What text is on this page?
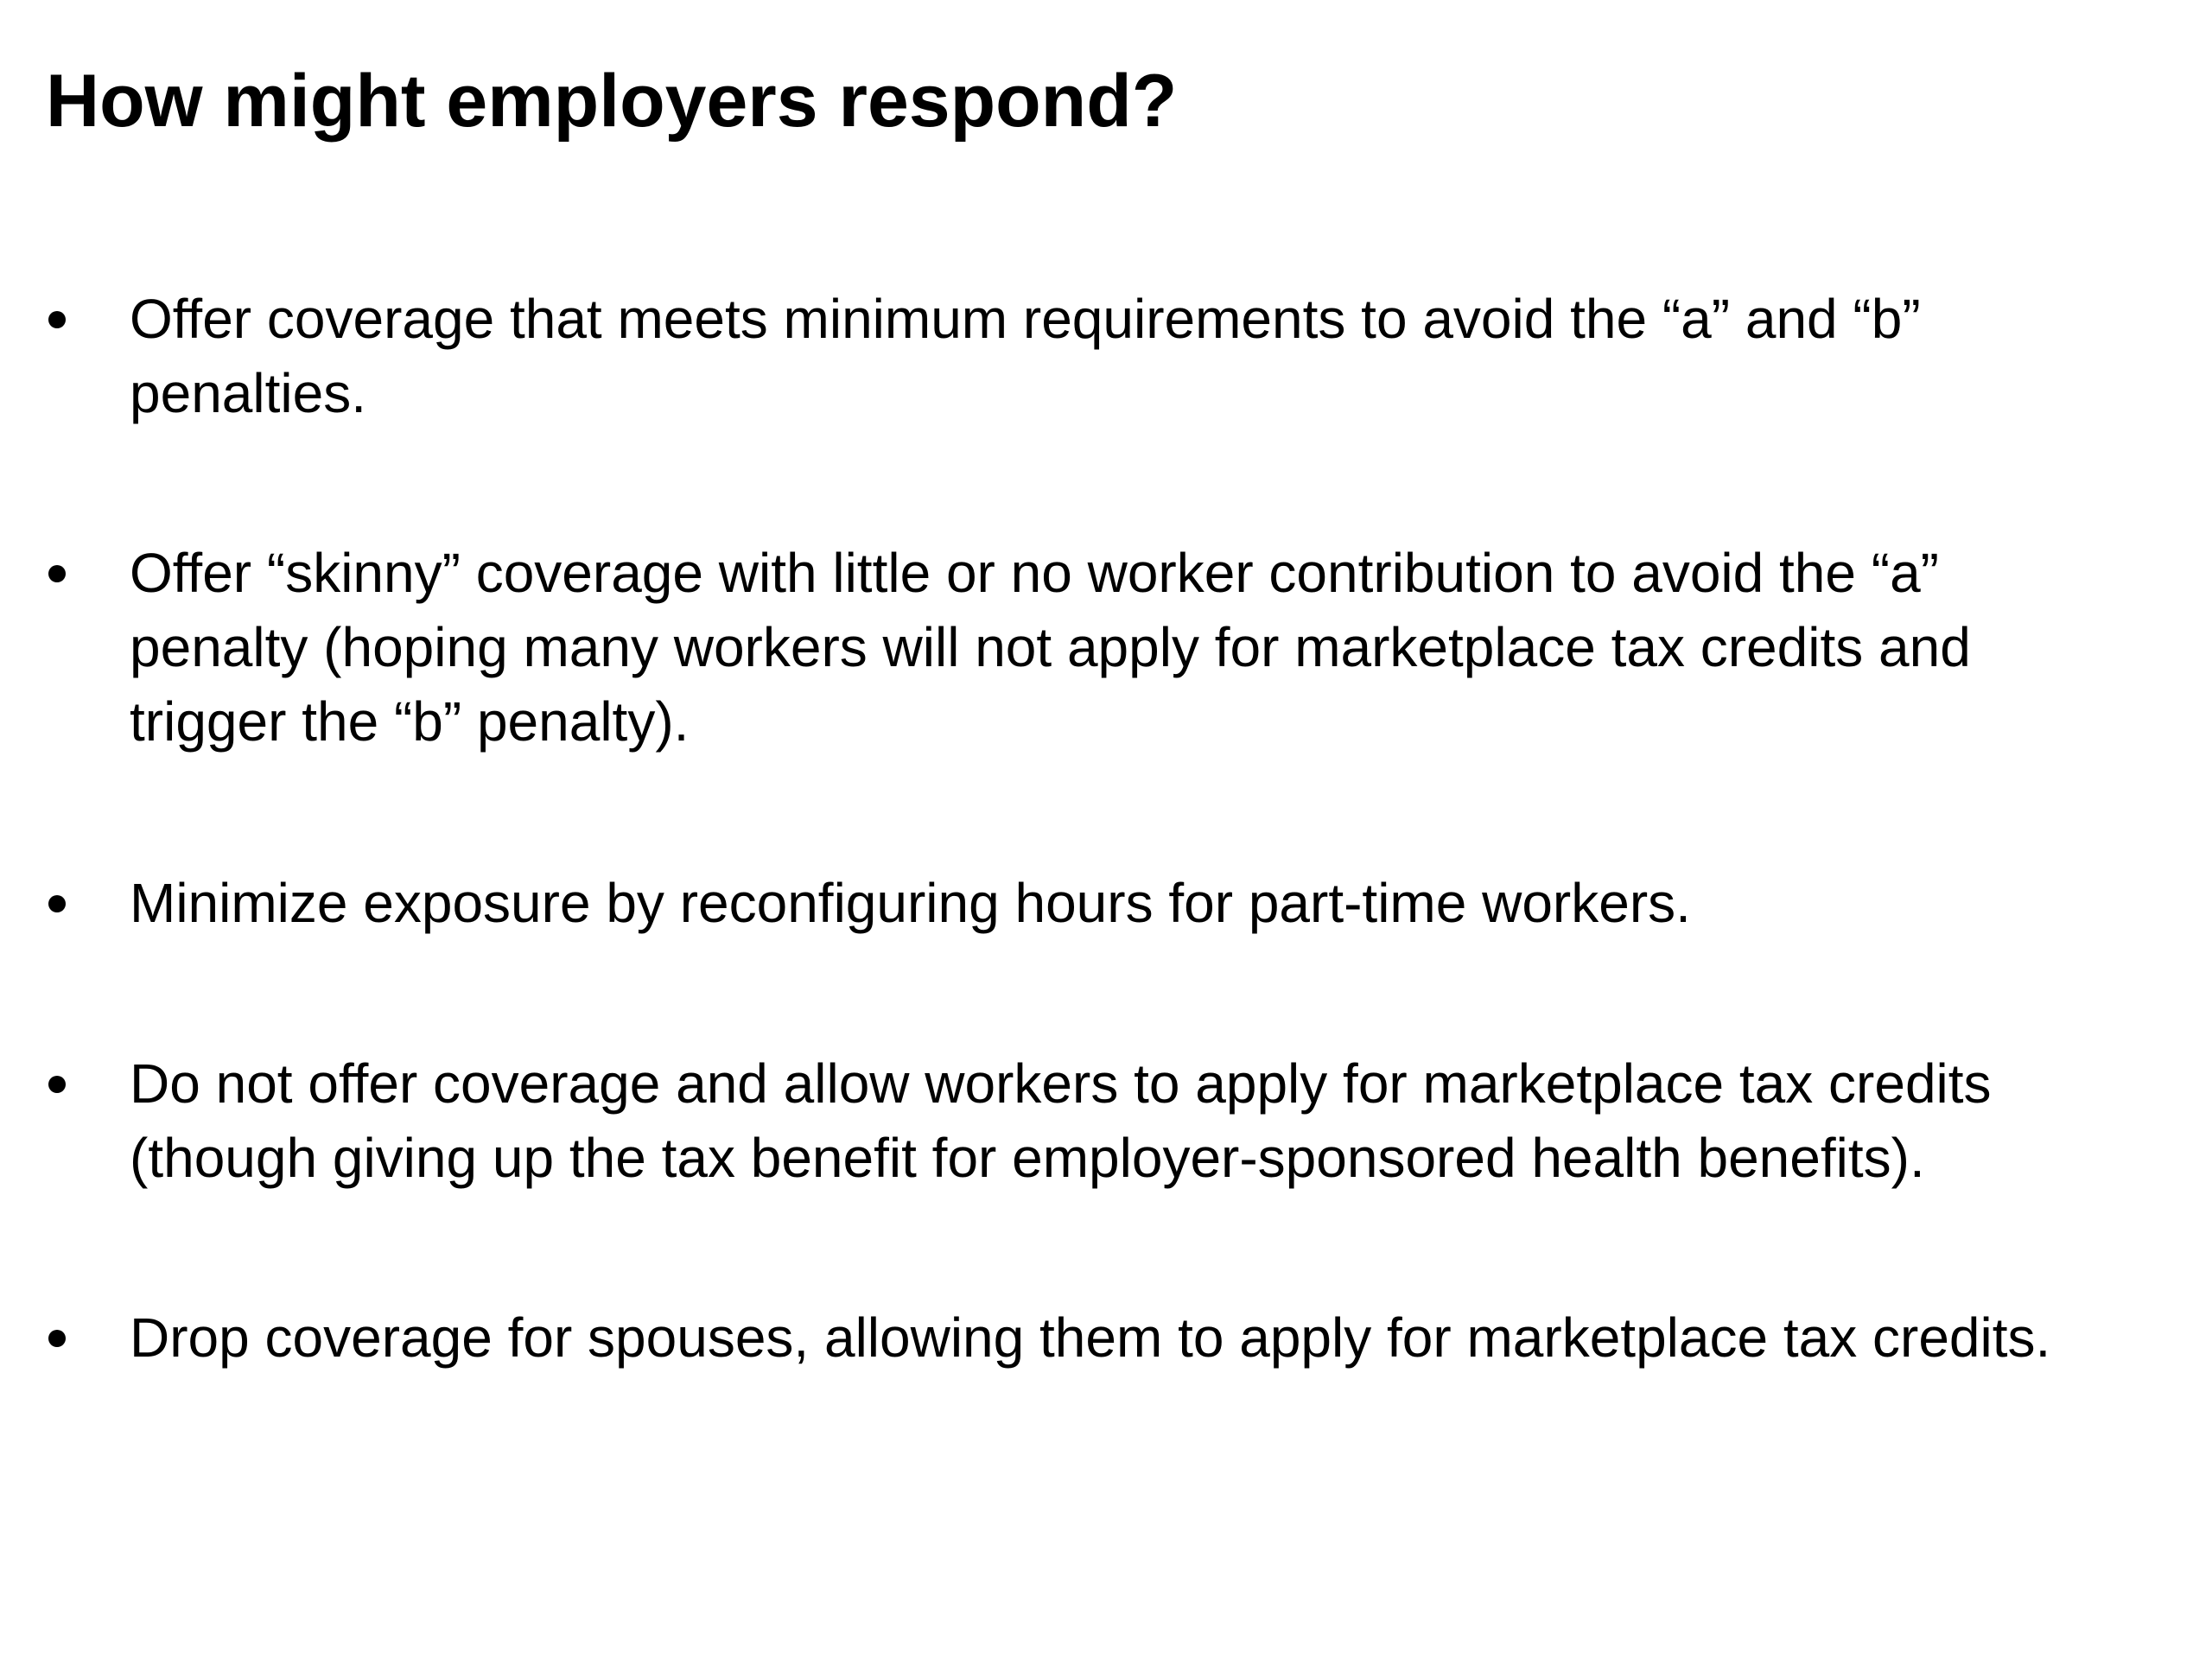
How might employers respond?
Offer coverage that meets minimum requirements to avoid the “a” and “b”
penalties.
Offer “skinny” coverage with little or no worker contribution to avoid the “a”
penalty (hoping many workers will not apply for marketplace tax credits and
trigger the “b” penalty).
Minimize exposure by reconfiguring hours for part-time workers.
Do not offer coverage and allow workers to apply for marketplace tax credits
(though giving up the tax benefit for employer-sponsored health benefits).
Drop coverage for spouses, allowing them to apply for marketplace tax credits.
